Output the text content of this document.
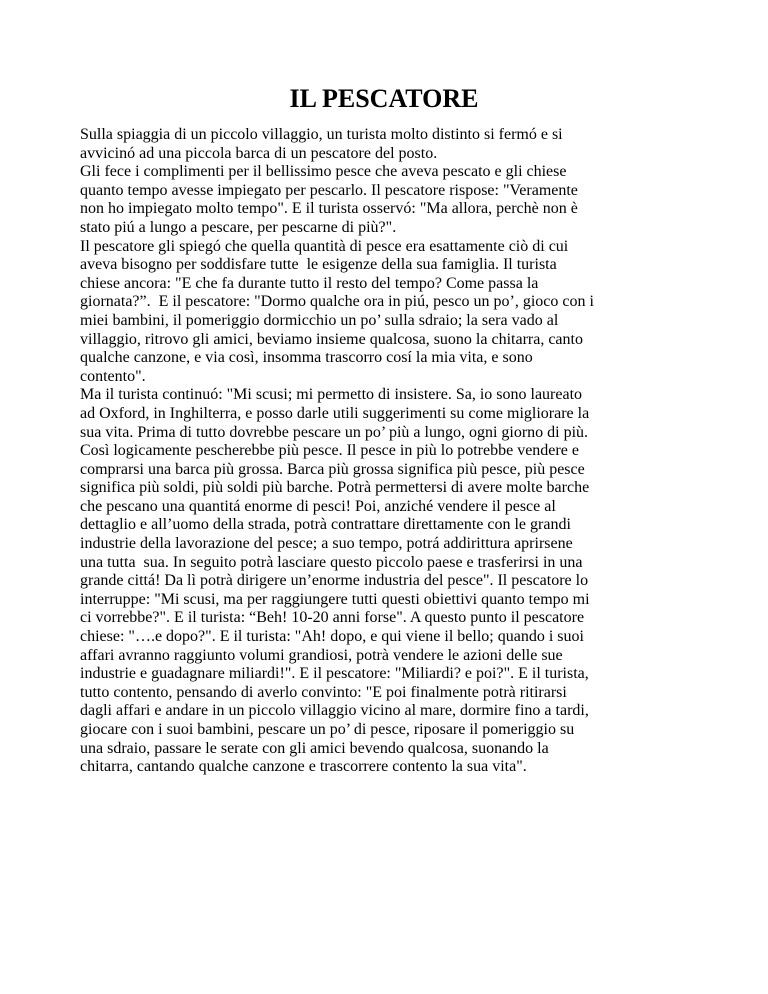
IL PESCATORE
Sulla spiaggia di un piccolo villaggio, un turista molto distinto si fermó e si
avvicinó ad una piccola barca di un pescatore del posto.
Gli fece i complimenti per il bellissimo pesce che aveva pescato e gli chiese
quanto tempo avesse impiegato per pescarlo. Il pescatore rispose: "Veramente
non ho impiegato molto tempo". E il turista osservó: "Ma allora, perchè non è
stato piú a lungo a pescare, per pescarne di più?".
Il pescatore gli spiegó che quella quantità di pesce era esattamente ciò di cui
aveva bisogno per soddisfare tutte  le esigenze della sua famiglia. Il turista
chiese ancora: "E che fa durante tutto il resto del tempo? Come passa la
giornata?”.  E il pescatore: "Dormo qualche ora in piú, pesco un po’, gioco con i
miei bambini, il pomeriggio dormicchio un po’ sulla sdraio; la sera vado al
villaggio, ritrovo gli amici, beviamo insieme qualcosa, suono la chitarra, canto
qualche canzone, e via così, insomma trascorro cosí la mia vita, e sono
contento".
Ma il turista continuó: "Mi scusi; mi permetto di insistere. Sa, io sono laureato
ad Oxford, in Inghilterra, e posso darle utili suggerimenti su come migliorare la
sua vita. Prima di tutto dovrebbe pescare un po’ più a lungo, ogni giorno di più.
Così logicamente pescherebbe più pesce. Il pesce in più lo potrebbe vendere e
comprarsi una barca più grossa. Barca più grossa significa più pesce, più pesce
significa più soldi, più soldi più barche. Potrà permettersi di avere molte barche
che pescano una quantitá enorme di pesci! Poi, anziché vendere il pesce al
dettaglio e all’uomo della strada, potrà contrattare direttamente con le grandi
industrie della lavorazione del pesce; a suo tempo, potrá addirittura aprirsene
una tutta  sua. In seguito potrà lasciare questo piccolo paese e trasferirsi in una
grande cittá! Da lì potrà dirigere un’enorme industria del pesce". Il pescatore lo
interruppe: "Mi scusi, ma per raggiungere tutti questi obiettivi quanto tempo mi
ci vorrebbe?". E il turista: “Beh! 10-20 anni forse". A questo punto il pescatore
chiese: "….e dopo?". E il turista: "Ah! dopo, e qui viene il bello; quando i suoi
affari avranno raggiunto volumi grandiosi, potrà vendere le azioni delle sue
industrie e guadagnare miliardi!". E il pescatore: "Miliardi? e poi?". E il turista,
tutto contento, pensando di averlo convinto: "E poi finalmente potrà ritirarsi
dagli affari e andare in un piccolo villaggio vicino al mare, dormire fino a tardi,
giocare con i suoi bambini, pescare un po’ di pesce, riposare il pomeriggio su
una sdraio, passare le serate con gli amici bevendo qualcosa, suonando la
chitarra, cantando qualche canzone e trascorrere contento la sua vita".
